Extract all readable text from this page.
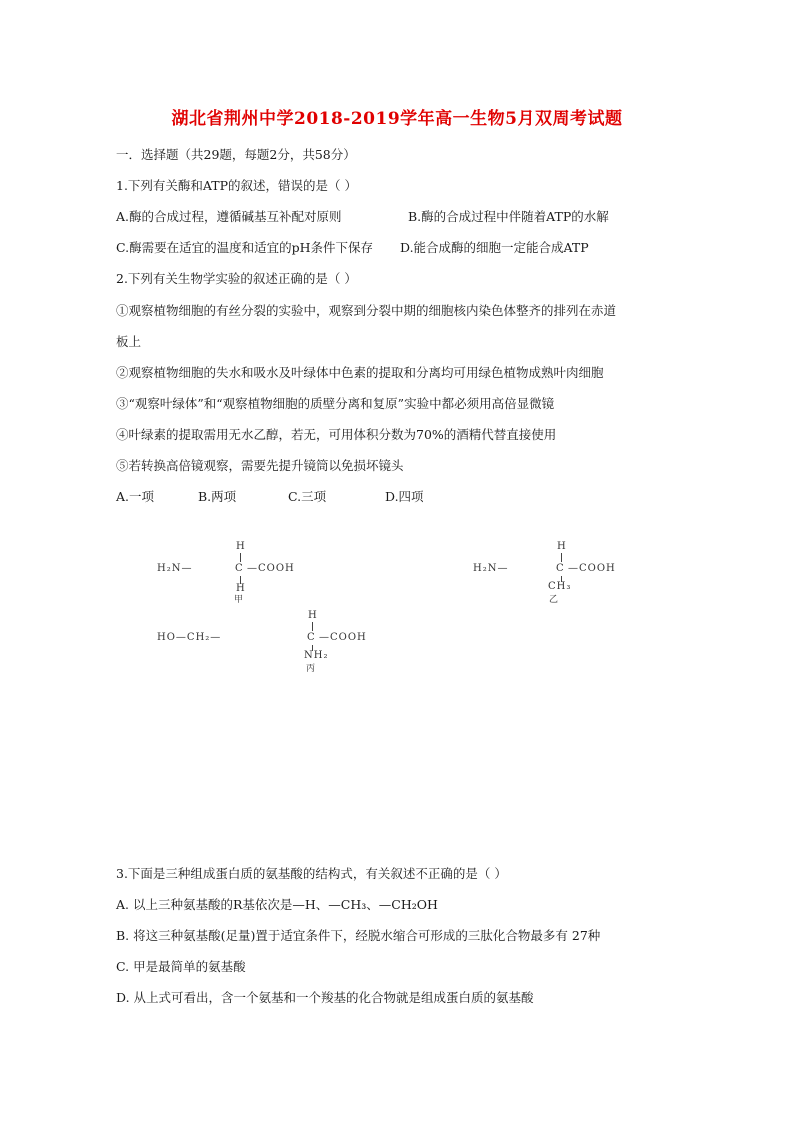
湖北省荆州中学2018-2019学年高一生物5月双周考试题
一．选择题（共29题，每题2分，共58分）
1.下列有关酶和ATP的叙述，错误的是（ ）
A.酶的合成过程，遵循碱基互补配对原则	B.酶的合成过程中伴随着ATP的水解
C.酶需要在适宜的温度和适宜的pH条件下保存 D.能合成酶的细胞一定能合成ATP
2.下列有关生物学实验的叙述正确的是（ ）
①观察植物细胞的有丝分裂的实验中，观察到分裂中期的细胞核内染色体整齐的排列在赤道
板上
②观察植物细胞的失水和吸水及叶绿体中色素的提取和分离均可用绿色植物成熟叶肉细胞
③“观察叶绿体”和“观察植物细胞的质壁分离和复原”实验中都必须用高倍显微镜
④叶绿素的提取需用无水乙醇，若无，可用体积分数为70%的酒精代替直接使用
⑤若转换高倍镜观察，需要先提升镜筒以免损坏镜头
A.一项	B.两项	C.三项	D.四项
H
H₂N—	C —COOH
H
甲
H
H₂N—	C —COOH
CH₃
乙
H
HO—CH₂—	C —COOH
NH₂
丙
3.下面是三种组成蛋白质的氨基酸的结构式，有关叙述不正确的是（ ）
A. 以上三种氨基酸的R基依次是—H、—CH₃、—CH₂OH
B. 将这三种氨基酸(足量)置于适宜条件下，经脱水缩合可形成的三肽化合物最多有 27种
C. 甲是最简单的氨基酸
D. 从上式可看出，含一个氨基和一个羧基的化合物就是组成蛋白质的氨基酸
